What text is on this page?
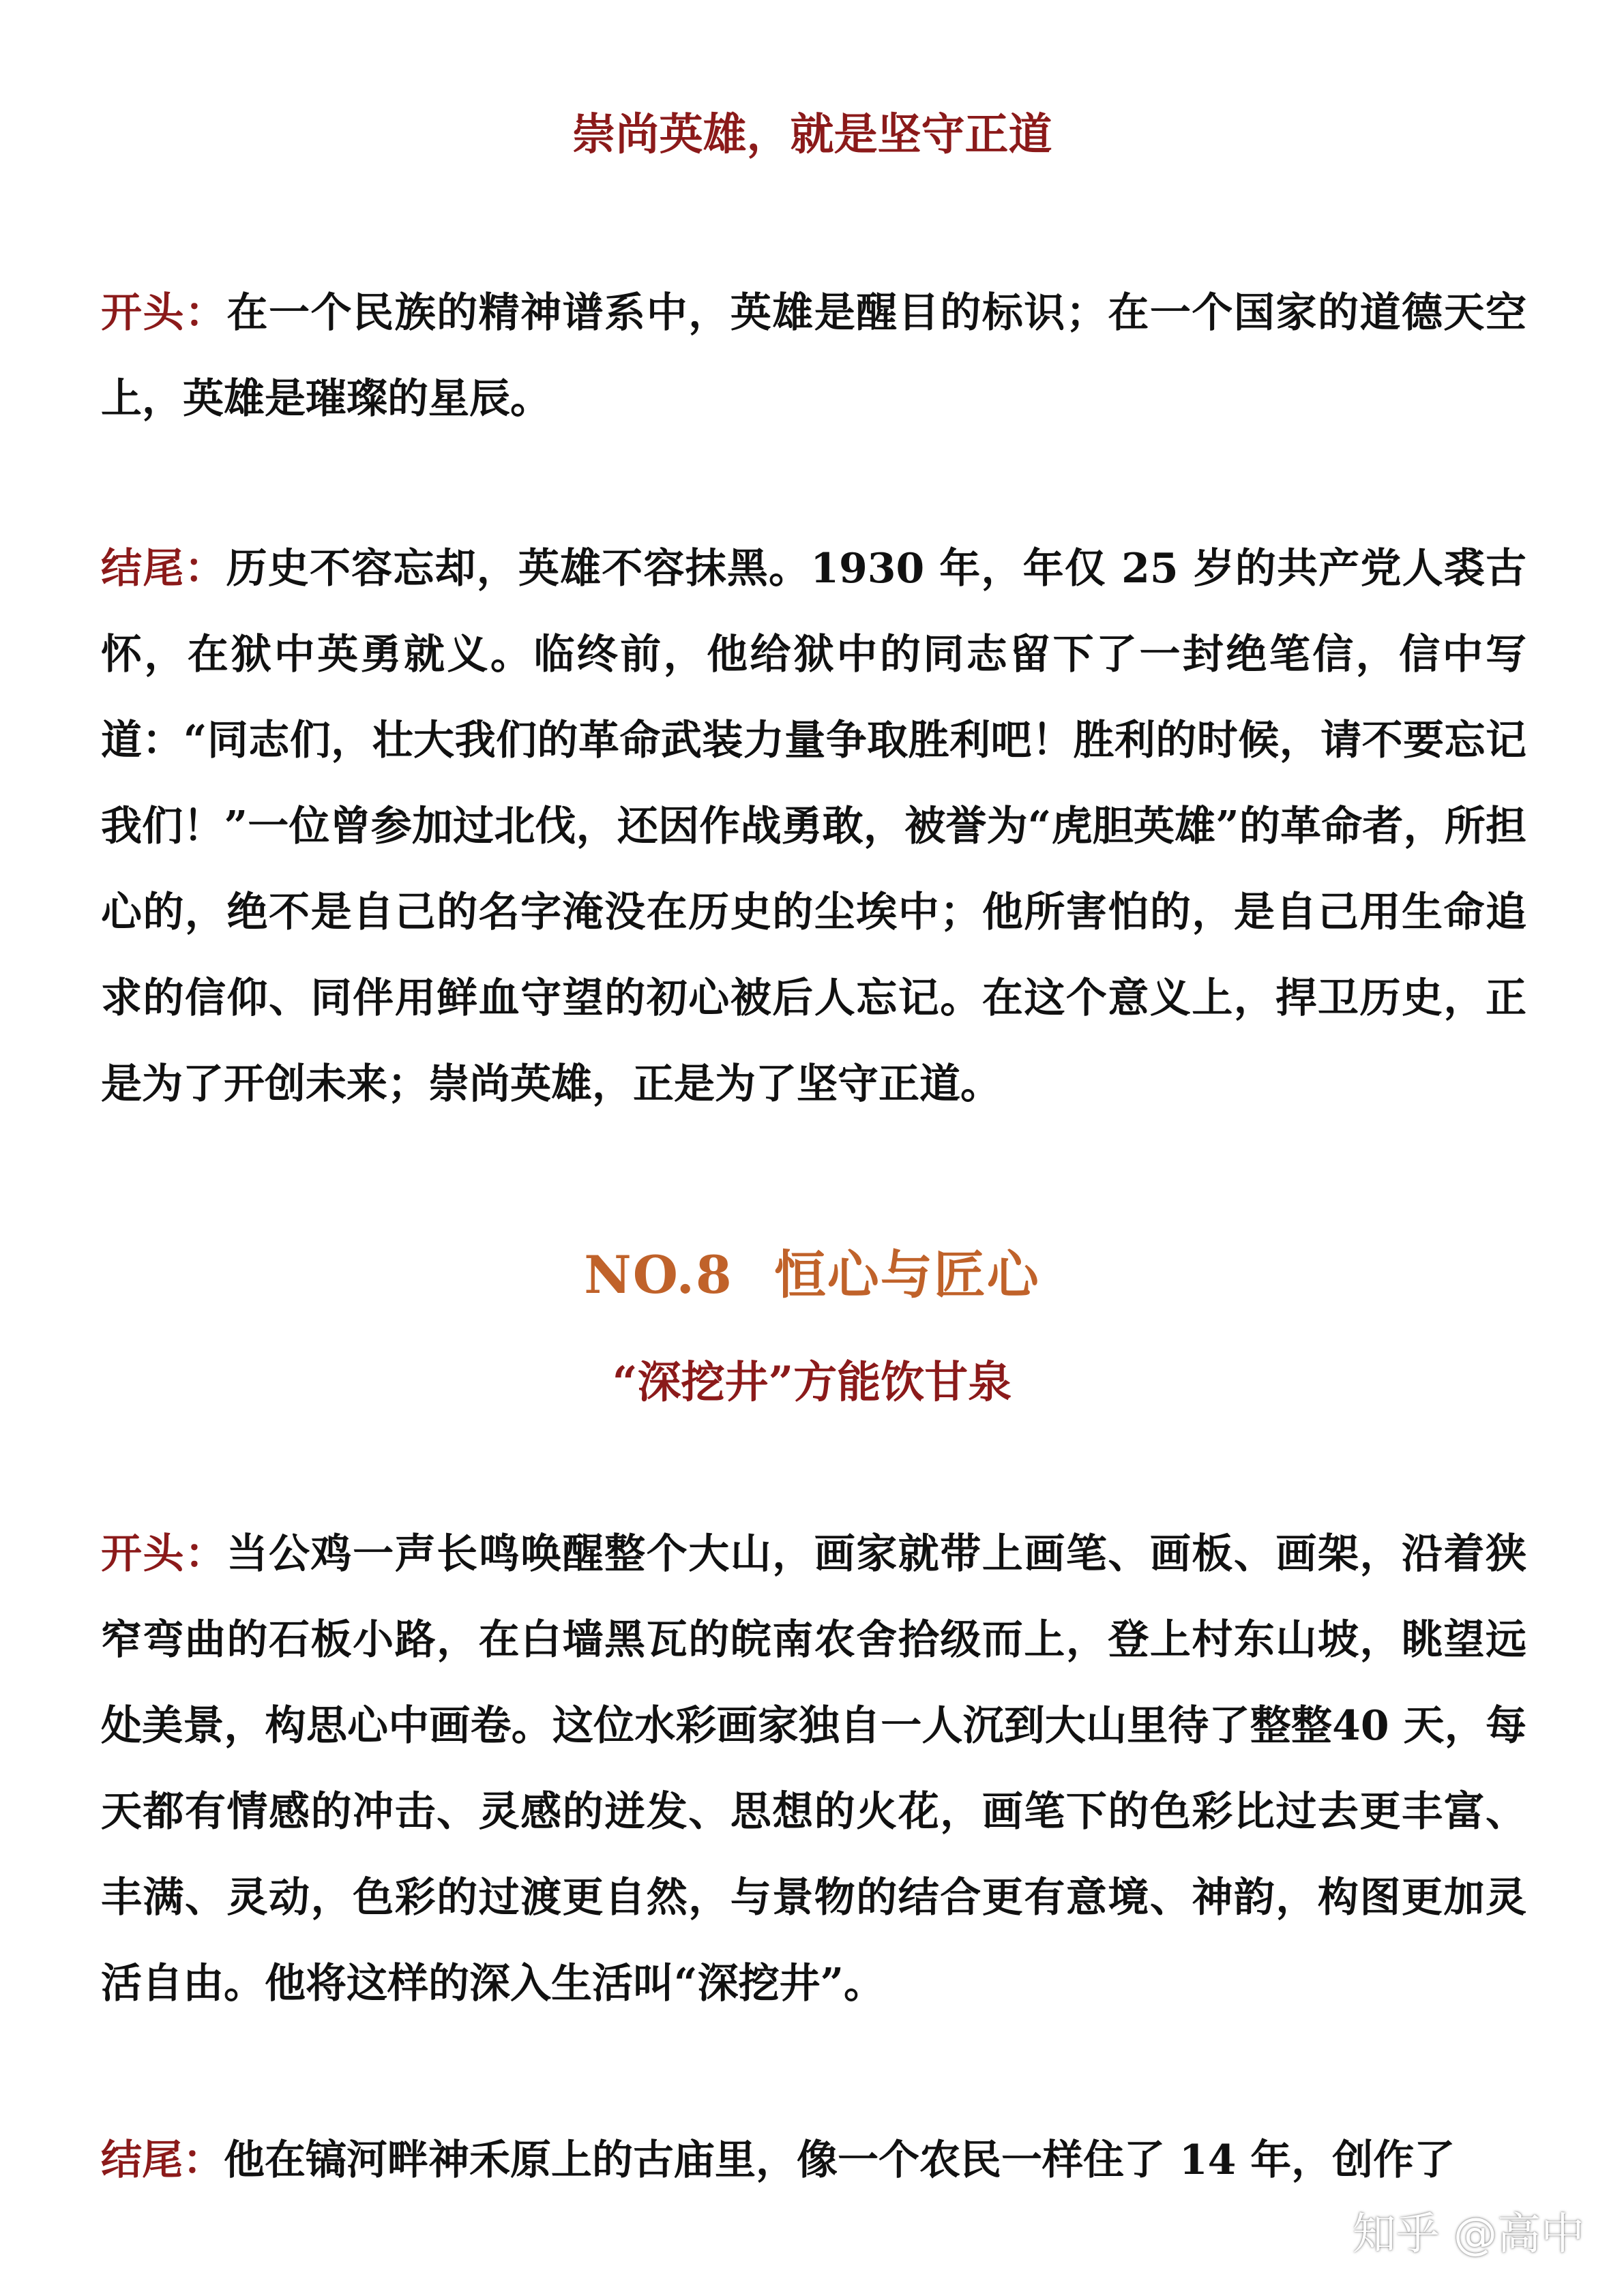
崇尚英雄，就是坚守正道

开头：在一个民族的精神谱系中，英雄是醒目的标识；在一个国家的道德天空上，英雄是璀璨的星辰。

结尾：历史不容忘却，英雄不容抹黑。1930 年，年仅 25 岁的共产党人裘古怀，在狱中英勇就义。临终前，他给狱中的同志留下了一封绝笔信，信中写道：“同志们，壮大我们的革命武装力量争取胜利吧！胜利的时候，请不要忘记我们！”一位曾参加过北伐，还因作战勇敢，被誉为“虎胆英雄”的革命者，所担心的，绝不是自己的名字淹没在历史的尘埃中；他所害怕的，是自己用生命追求的信仰、同伴用鲜血守望的初心被后人忘记。在这个意义上，捍卫历史，正是为了开创未来；崇尚英雄，正是为了坚守正道。

NO.8 恒心与匠心
“深挖井”方能饮甘泉

开头：当公鸡一声长鸣唤醒整个大山，画家就带上画笔、画板、画架，沿着狭窄弯曲的石板小路，在白墙黑瓦的皖南农舍拾级而上，登上村东山坡，眺望远处美景，构思心中画卷。这位水彩画家独自一人沉到大山里待了整整40 天，每天都有情感的冲击、灵感的迸发、思想的火花，画笔下的色彩比过去更丰富、丰满、灵动，色彩的过渡更自然，与景物的结合更有意境、神韵，构图更加灵活自由。他将这样的深入生活叫“深挖井”。

结尾：他在镐河畔神禾原上的古庙里，像一个农民一样住了 14 年，创作了

知乎 @高中
